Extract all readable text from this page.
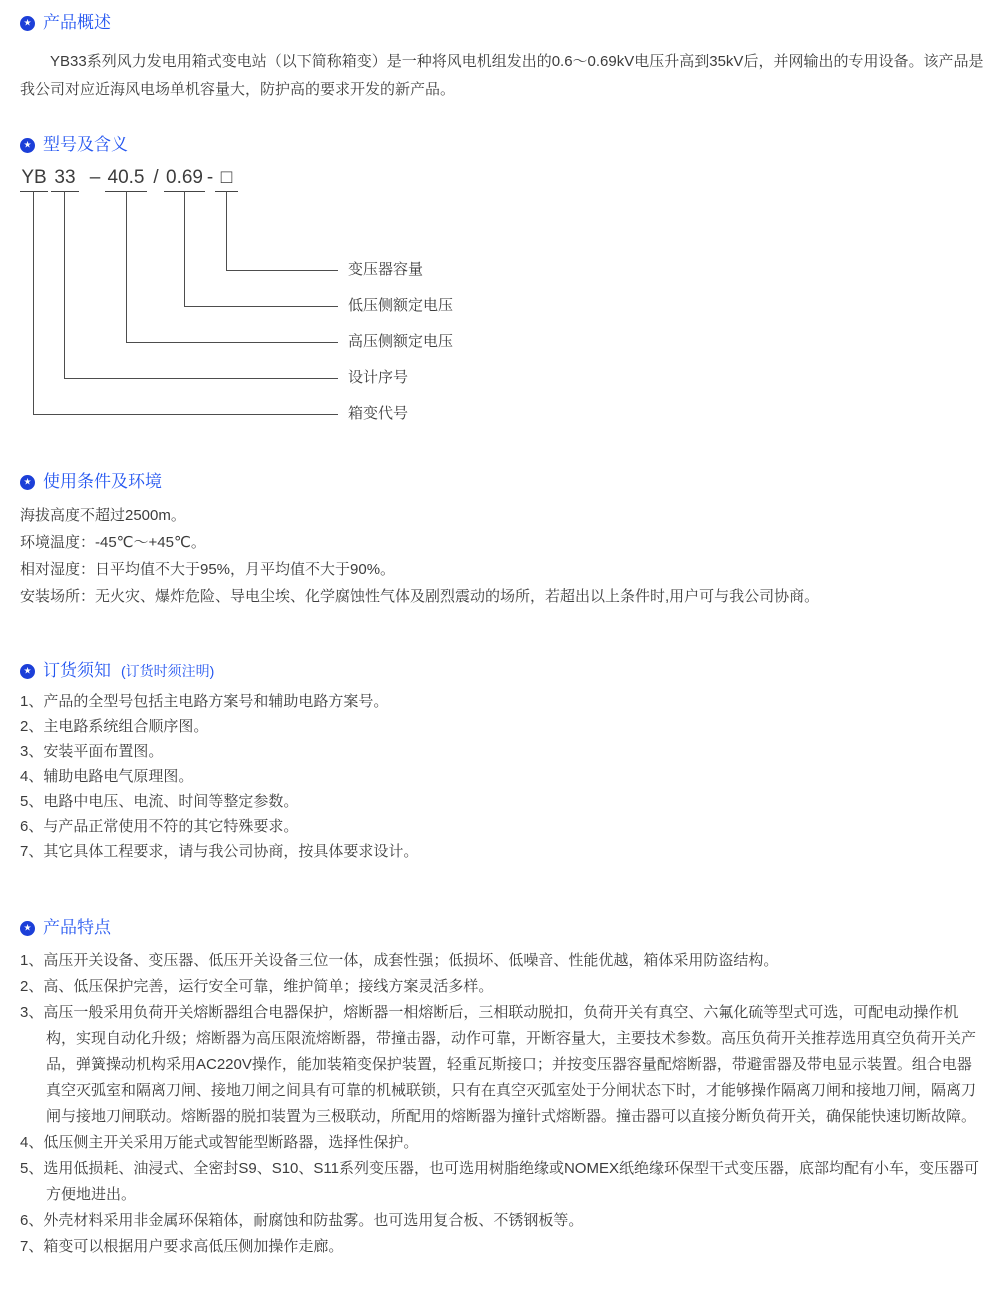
★ 产品概述
YB33系列风力发电用箱式变电站（以下简称箱变）是一种将风电机组发出的0.6～0.69kV电压升高到35kV后，并网输出的专用设备。该产品是我公司对应近海风电场单机容量大，防护高的要求开发的新产品。
★ 型号及含义
YB 33 – 40.5 / 0.69 - □
变压器容量
低压侧额定电压
高压侧额定电压
设计序号
箱变代号
★ 使用条件及环境
海拔高度不超过2500m。
环境温度：-45℃～+45℃。
相对湿度：日平均值不大于95%，月平均值不大于90%。
安装场所：无火灾、爆炸危险、导电尘埃、化学腐蚀性气体及剧烈震动的场所，若超出以上条件时,用户可与我公司协商。
★ 订货须知 (订货时须注明)
1、产品的全型号包括主电路方案号和辅助电路方案号。
2、主电路系统组合顺序图。
3、安装平面布置图。
4、辅助电路电气原理图。
5、电路中电压、电流、时间等整定参数。
6、与产品正常使用不符的其它特殊要求。
7、其它具体工程要求，请与我公司协商，按具体要求设计。
★ 产品特点
1、高压开关设备、变压器、低压开关设备三位一体，成套性强；低损坏、低噪音、性能优越，箱体采用防盗结构。
2、高、低压保护完善，运行安全可靠，维护简单；接线方案灵活多样。
3、高压一般采用负荷开关熔断器组合电器保护，熔断器一相熔断后，三相联动脱扣，负荷开关有真空、六氟化硫等型式可选，可配电动操作机构，实现自动化升级；熔断器为高压限流熔断器，带撞击器，动作可靠，开断容量大，主要技术参数。高压负荷开关推荐选用真空负荷开关产品，弹簧操动机构采用AC220V操作，能加装箱变保护装置，轻重瓦斯接口；并按变压器容量配熔断器，带避雷器及带电显示装置。组合电器真空灭弧室和隔离刀闸、接地刀闸之间具有可靠的机械联锁，只有在真空灭弧室处于分闸状态下时，才能够操作隔离刀闸和接地刀闸，隔离刀闸与接地刀闸联动。熔断器的脱扣装置为三极联动，所配用的熔断器为撞针式熔断器。撞击器可以直接分断负荷开关，确保能快速切断故障。
4、低压侧主开关采用万能式或智能型断路器，选择性保护。
5、选用低损耗、油浸式、全密封S9、S10、S11系列变压器，也可选用树脂绝缘或NOMEX纸绝缘环保型干式变压器，底部均配有小车，变压器可方便地进出。
6、外壳材料采用非金属环保箱体，耐腐蚀和防盐雾。也可选用复合板、不锈钢板等。
7、箱变可以根据用户要求高低压侧加操作走廊。
